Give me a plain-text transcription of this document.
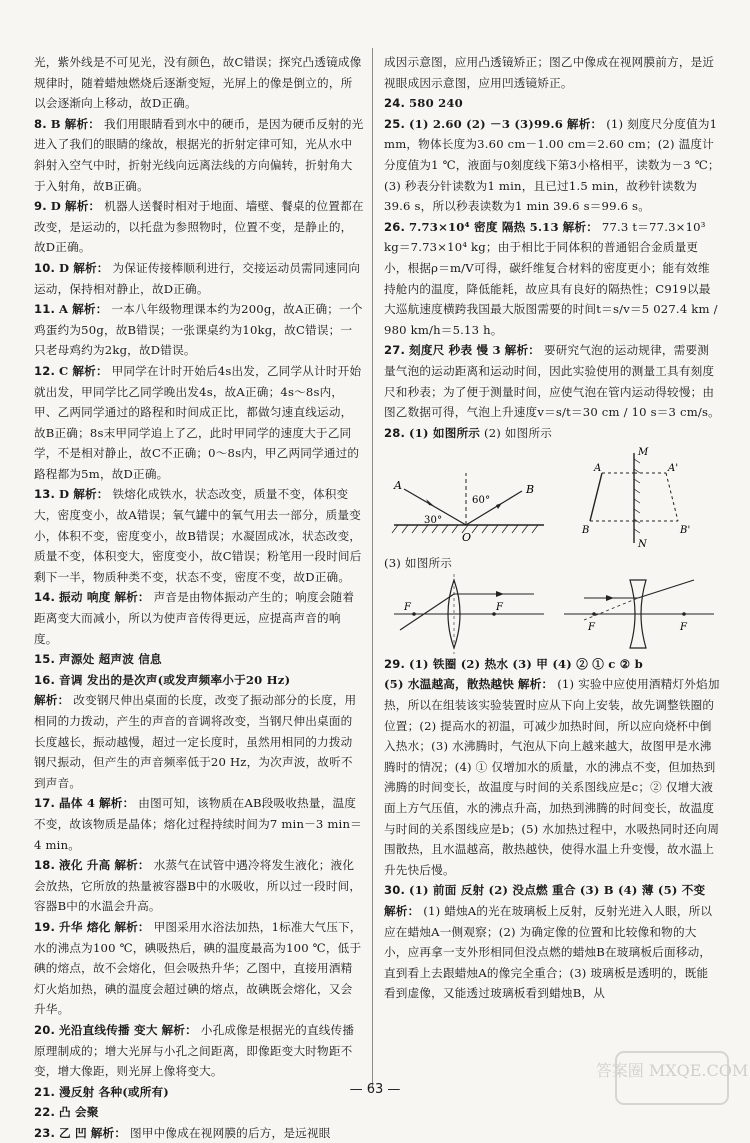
光，紫外线是不可见光，没有颜色，故C错误；探究凸透镜成像规律时，随着蜡烛燃烧后逐渐变短，光屏上的像是倒立的，所以会逐渐向上移动，故D正确。

8. B 解析： 我们用眼睛看到水中的硬币，是因为硬币反射的光进入了我们的眼睛的缘故，根据光的折射定律可知，光从水中斜射入空气中时，折射光线向远离法线的方向偏转，折射角大于入射角，故B正确。

9. D 解析： 机器人送餐时相对于地面、墙壁、餐桌的位置都在改变，是运动的，以托盘为参照物时，位置不变，是静止的，故D正确。

10. D 解析： 为保证传接棒顺利进行，交接运动员需同速同向运动，保持相对静止，故D正确。

11. A 解析： 一本八年级物理课本约为200g，故A正确；一个鸡蛋约为50g，故B错误；一张课桌约为10kg，故C错误；一只老母鸡约为2kg，故D错误。

12. C 解析： 甲同学在计时开始后4s出发，乙同学从计时开始就出发，甲同学比乙同学晚出发4s，故A正确；4s～8s内，甲、乙两同学通过的路程和时间成正比，都做匀速直线运动，故B正确；8s末甲同学追上了乙，此时甲同学的速度大于乙同学，不是相对静止，故C不正确；0～8s内，甲乙两同学通过的路程都为5m，故D正确。

13. D 解析： 铁熔化成铁水，状态改变，质量不变，体积变大，密度变小，故A错误；氧气罐中的氧气用去一部分，质量变小，体积不变，密度变小，故B错误；水凝固成冰，状态改变，质量不变，体积变大，密度变小，故C错误；粉笔用一段时间后剩下一半，物质种类不变，状态不变，密度不变，故D正确。

14. 振动 响度 解析： 声音是由物体振动产生的；响度会随着距离变大而减小，所以为使声音传得更远，应提高声音的响度。

15. 声源处 超声波 信息

16. 音调 发出的是次声(或发声频率小于20 Hz)

解析： 改变钢尺伸出桌面的长度，改变了振动部分的长度，用相同的力拨动，产生的声音的音调将改变，当钢尺伸出桌面的长度越长，振动越慢，超过一定长度时，虽然用相同的力拨动钢尺振动，但产生的声音频率低于20 Hz，为次声波，故听不到声音。

17. 晶体 4 解析： 由图可知，该物质在AB段吸收热量，温度不变，故该物质是晶体；熔化过程持续时间为7 min－3 min＝4 min。

18. 液化 升高 解析： 水蒸气在试管中遇冷将发生液化；液化会放热，它所放的热量被容器B中的水吸收，所以过一段时间，容器B中的水温会升高。

19. 升华 熔化 解析： 甲图采用水浴法加热，1标准大气压下，水的沸点为100 ℃，碘吸热后，碘的温度最高为100 ℃，低于碘的熔点，故不会熔化，但会吸热升华；乙图中，直接用酒精灯火焰加热，碘的温度会超过碘的熔点，故碘既会熔化，又会升华。

20. 光沿直线传播 变大 解析： 小孔成像是根据光的直线传播原理制成的；增大光屏与小孔之间距离，即像距变大时物距不变，增大像距，则光屏上像将变大。

21. 漫反射 各种(或所有)

22. 凸 会聚

23. 乙 凹 解析： 图甲中像成在视网膜的后方，是远视眼

成因示意图，应用凸透镜矫正；图乙中像成在视网膜前方，是近视眼成因示意图，应用凹透镜矫正。

24. 580 240

25. (1) 2.60 (2) －3 (3)99.6 解析： (1) 刻度尺分度值为1 mm，物体长度为3.60 cm－1.00 cm＝2.60 cm；(2) 温度计分度值为1 ℃，液面与0刻度线下第3小格相平，读数为－3 ℃；(3) 秒表分针读数为1 min，且已过1.5 min，故秒针读数为39.6 s，所以秒表读数为1 min 39.6 s＝99.6 s。

26. 7.73×10⁴ 密度 隔热 5.13 解析： 77.3 t＝77.3×10³ kg＝7.73×10⁴ kg；由于相比于同体积的普通铝合金质量更小，根据ρ＝m/V可得，碳纤维复合材料的密度更小；能有效维持舱内的温度，降低能耗，故应具有良好的隔热性；C919以最大巡航速度横跨我国最大版图需要的时间t＝s/v＝5 027.4 km / 980 km/h＝5.13 h。

27. 刻度尺 秒表 慢 3 解析： 要研究气泡的运动规律，需要测量气泡的运动距离和运动时间，因此实验使用的测量工具有刻度尺和秒表；为了便于测量时间，应使气泡在管内运动得较慢；由图乙数据可得，气泡上升速度v＝s/t＝30 cm / 10 s＝3 cm/s。

28. (1) 如图所示 (2) 如图所示

A	B
O
30°
60°
M
N
A	A'
B	B'
(3) 如图所示
F	F
F	F

29. (1) 铁圈 (2) 热水 (3) 甲 (4) ② ① c ② b

(5) 水温越高，散热越快 解析： (1) 实验中应使用酒精灯外焰加热，所以在组装该实验装置时应从下向上安装，故先调整铁圈的位置；(2) 提高水的初温，可减少加热时间，所以应向烧杯中倒入热水；(3) 水沸腾时，气泡从下向上越来越大，故图甲是水沸腾时的情况；(4) ① 仅增加水的质量，水的沸点不变，但加热到沸腾的时间变长，故温度与时间的关系图线应是c；② 仅增大液面上方气压值，水的沸点升高，加热到沸腾的时间变长，故温度与时间的关系图线应是b；(5) 水加热过程中，水吸热同时还向周围散热，且水温越高，散热越快，使得水温上升变慢，故水温上升先快后慢。

30. (1) 前面 反射 (2) 没点燃 重合 (3) B (4) 薄 (5) 不变 解析： (1) 蜡烛A的光在玻璃板上反射，反射光进入人眼，所以应在蜡烛A一侧观察；(2) 为确定像的位置和比较像和物的大小，应再拿一支外形相同但没点燃的蜡烛B在玻璃板后面移动，直到看上去跟蜡烛A的像完全重合；(3) 玻璃板是透明的，既能看到虚像，又能透过玻璃板看到蜡烛B，从

— 63 —
答案圈 MXQE.COM
